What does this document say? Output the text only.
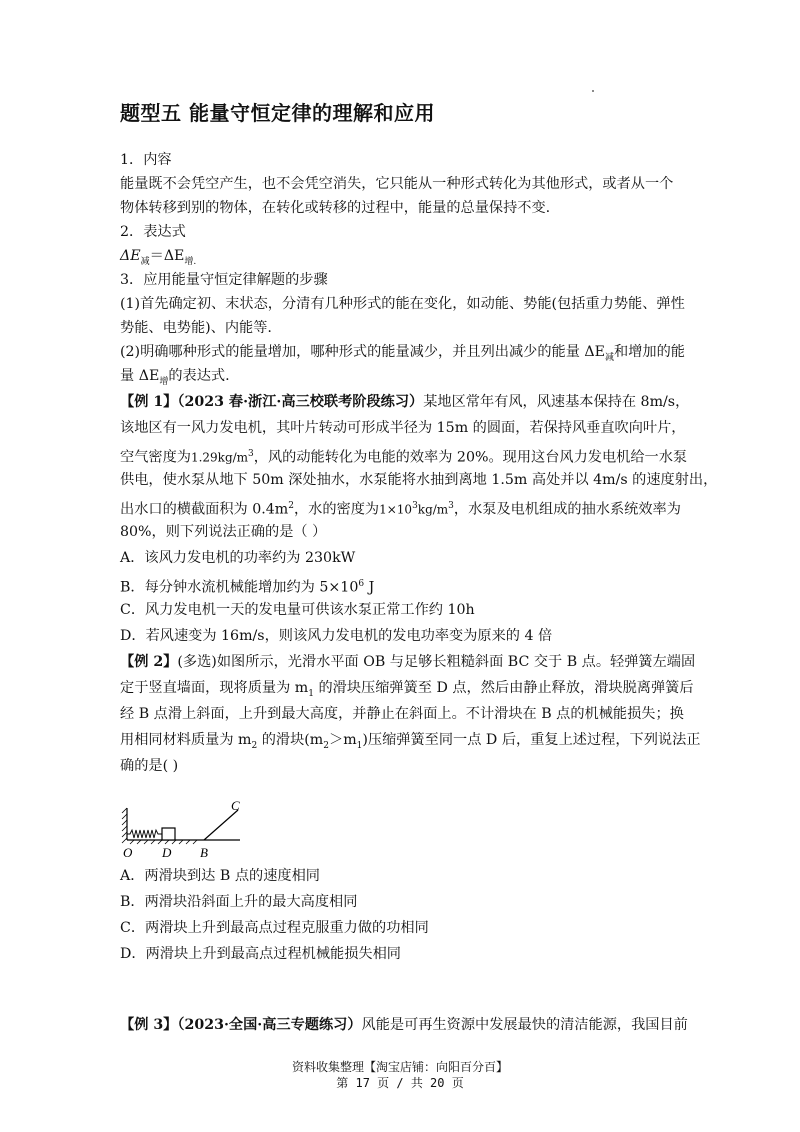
题型五 能量守恒定律的理解和应用
1．内容
能量既不会凭空产生，也不会凭空消失，它只能从一种形式转化为其他形式，或者从一个
物体转移到别的物体，在转化或转移的过程中，能量的总量保持不变.
2．表达式
$\Delta E_减=\Delta E_{增.}$
3．应用能量守恒定律解题的步骤
(1)首先确定初、末状态，分清有几种形式的能在变化，如动能、势能(包括重力势能、弹性
势能、电势能)、内能等.
(2)明确哪种形式的能量增加，哪种形式的能量减少，并且列出减少的能量 $\Delta E_减$和增加的能
量 $\Delta E_增$的表达式.
【例 1】（2023 春·浙江·高三校联考阶段练习）某地区常年有风，风速基本保持在 8m/s，
该地区有一风力发电机，其叶片转动可形成半径为 15m 的圆面，若保持风垂直吹向叶片，
空气密度为$1.29kg/m^3$，风的动能转化为电能的效率为 20%。现用这台风力发电机给一水泵
供电，使水泵从地下 50m 深处抽水，水泵能将水抽到离地 1.5m 高处并以 4m/s 的速度射出，
出水口的横截面积为 $0.4m^2$，水的密度为$1\times 10^3kg/m^3$，水泵及电机组成的抽水系统效率为
80%，则下列说法正确的是（ ）
A．该风力发电机的功率约为 230kW
B．每分钟水流机械能增加约为 $5\times 10^6$ J
C．风力发电机一天的发电量可供该水泵正常工作约 10h
D．若风速变为 16m/s，则该风力发电机的发电功率变为原来的 4 倍
【例 2】(多选)如图所示，光滑水平面 OB 与足够长粗糙斜面 BC 交于 B 点。轻弹簧左端固
定于竖直墙面，现将质量为 $m_1$ 的滑块压缩弹簧至 D 点，然后由静止释放，滑块脱离弹簧后
经 B 点滑上斜面，上升到最大高度，并静止在斜面上。不计滑块在 B 点的机械能损失；换
用相同材料质量为 $m_2$ 的滑块$(m_2>m_1)$压缩弹簧至同一点 D 后，重复上述过程，下列说法正
确的是( )
O D B
C
A．两滑块到达 B 点的速度相同
B．两滑块沿斜面上升的最大高度相同
C．两滑块上升到最高点过程克服重力做的功相同
D．两滑块上升到最高点过程机械能损失相同
【例 3】（2023·全国·高三专题练习）风能是可再生资源中发展最快的清洁能源，我国目前
资料收集整理【淘宝店铺：向阳百分百】
第 17 页 / 共 20 页
